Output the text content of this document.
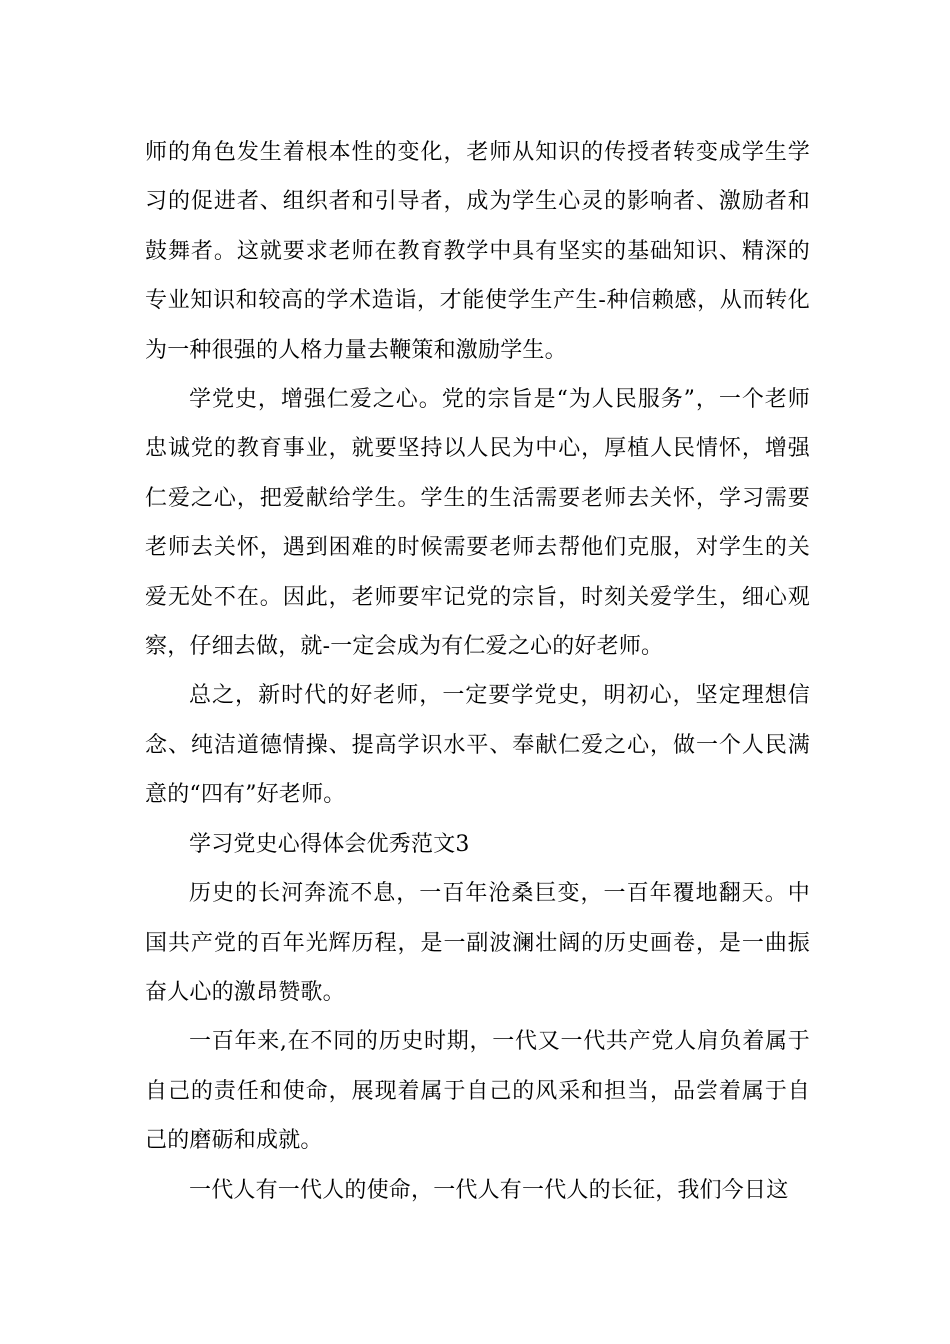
师的角色发生着根本性的变化，老师从知识的传授者转变成学生学习的促进者、组织者和引导者，成为学生心灵的影响者、激励者和鼓舞者。这就要求老师在教育教学中具有坚实的基础知识、精深的专业知识和较高的学术造诣，才能使学生产生-种信赖感，从而转化为一种很强的人格力量去鞭策和激励学生。

学党史，增强仁爱之心。党的宗旨是“为人民服务”，一个老师忠诚党的教育事业，就要坚持以人民为中心，厚植人民情怀，增强仁爱之心，把爱献给学生。学生的生活需要老师去关怀，学习需要老师去关怀，遇到困难的时候需要老师去帮他们克服，对学生的关爱无处不在。因此，老师要牢记党的宗旨，时刻关爱学生，细心观察，仔细去做，就-一定会成为有仁爱之心的好老师。

总之，新时代的好老师，一定要学党史，明初心，坚定理想信念、纯洁道德情操、提高学识水平、奉献仁爱之心，做一个人民满意的“四有”好老师。

学习党史心得体会优秀范文3

历史的长河奔流不息，一百年沧桑巨变，一百年覆地翻天。中国共产党的百年光辉历程，是一副波澜壮阔的历史画卷，是一曲振奋人心的激昂赞歌。

一百年来,在不同的历史时期，一代又一代共产党人肩负着属于自己的责任和使命，展现着属于自己的风采和担当，品尝着属于自己的磨砺和成就。

一代人有一代人的使命，一代人有一代人的长征，我们今日这
